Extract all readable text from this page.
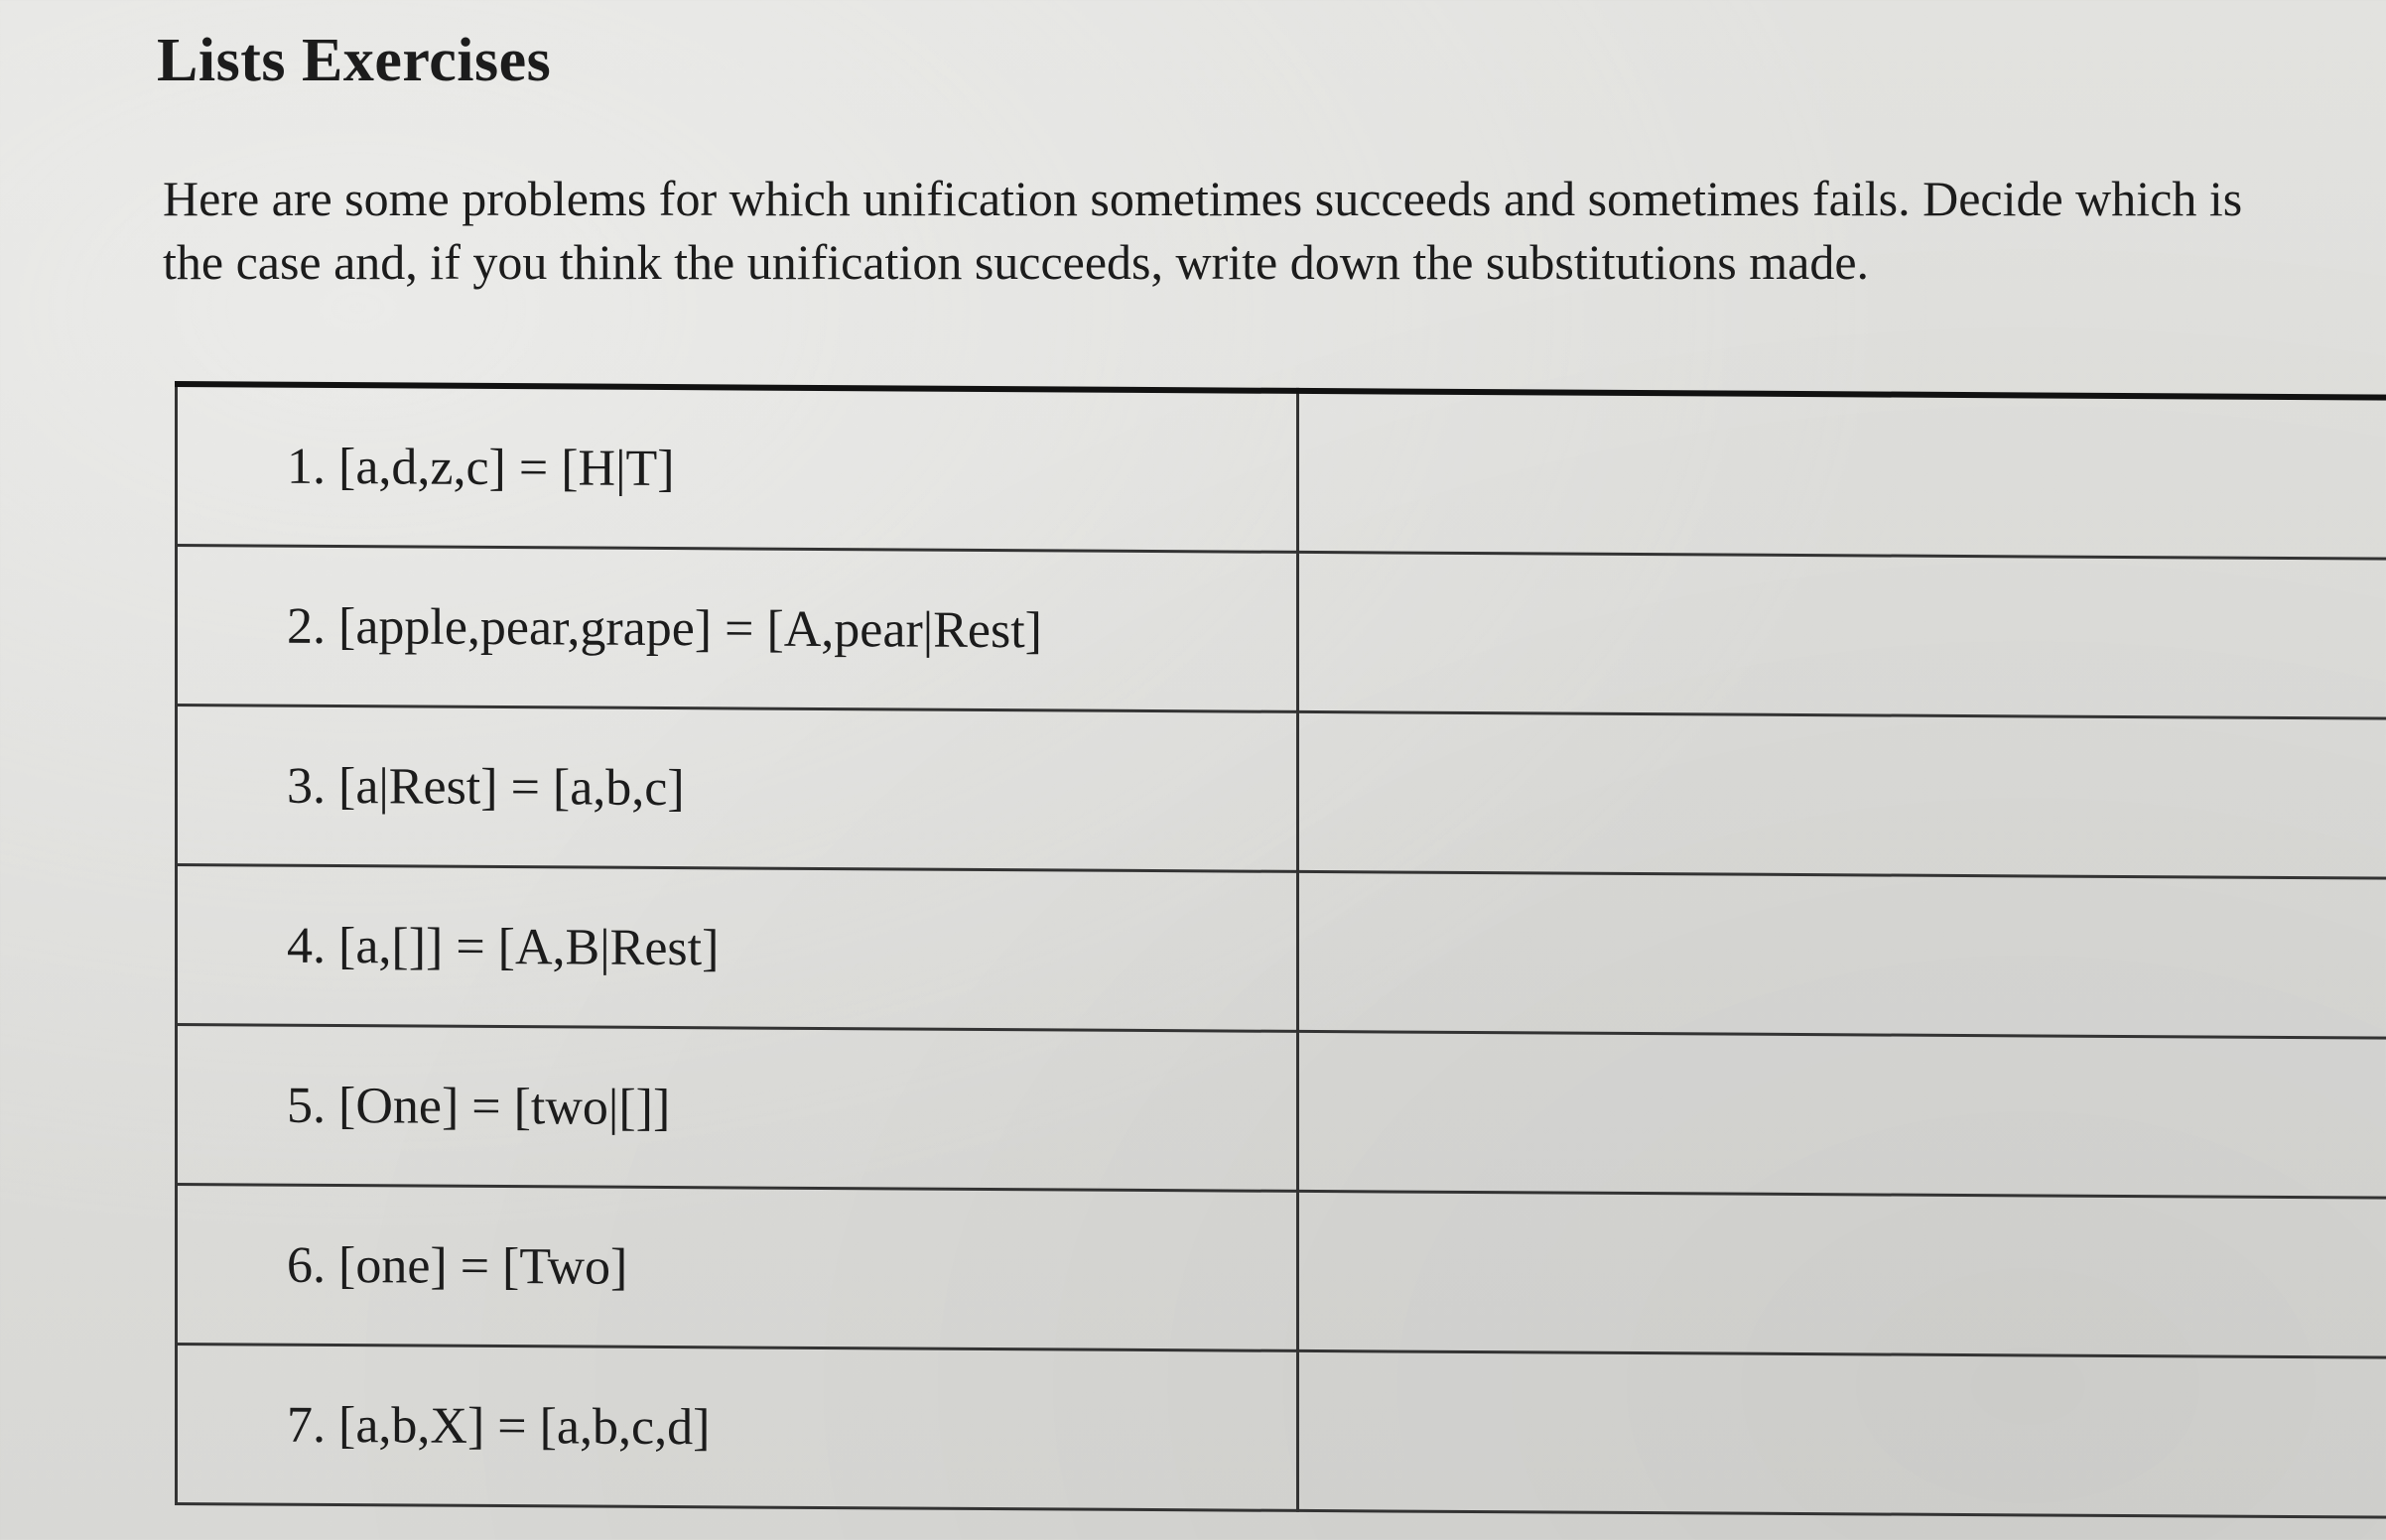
Lists Exercises

Here are some problems for which unification sometimes succeeds and sometimes fails. Decide which is the case and, if you think the unification succeeds, write down the substitutions made.

1. [a,d,z,c] = [H|T]	
2. [apple,pear,grape] = [A,pear|Rest]	
3. [a|Rest] = [a,b,c]	
4. [a,[]] = [A,B|Rest]	
5. [One] = [two|[]]	
6. [one] = [Two]	
7. [a,b,X] = [a,b,c,d]	
